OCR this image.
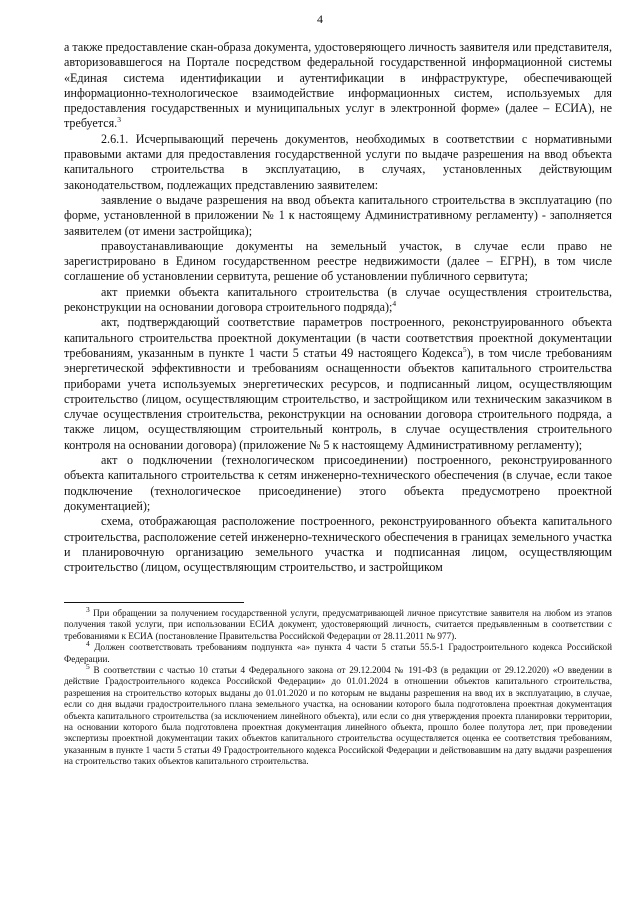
4

а также предоставление скан-образа документа, удостоверяющего личность заявителя или представителя, авторизовавшегося на Портале посредством федеральной государственной информационной системы «Единая система идентификации и аутентификации в инфраструктуре, обеспечивающей информационно-технологическое взаимодействие информационных систем, используемых для предоставления государственных и муниципальных услуг в электронной форме» (далее – ЕСИА), не требуется.$^3$

2.6.1. Исчерпывающий перечень документов, необходимых в соответствии с нормативными правовыми актами для предоставления государственной услуги по выдаче разрешения на ввод объекта капитального строительства в эксплуатацию, в случаях, установленных действующим законодательством, подлежащих представлению заявителем:

заявление о выдаче разрешения на ввод объекта капитального строительства в эксплуатацию (по форме, установленной в приложении № 1 к настоящему Административному регламенту) - заполняется заявителем (от имени застройщика);

правоустанавливающие документы на земельный участок, в случае если право не зарегистрировано в Едином государственном реестре недвижимости (далее – ЕГРН), в том числе соглашение об установлении сервитута, решение об установлении публичного сервитута;

акт приемки объекта капитального строительства (в случае осуществления строительства, реконструкции на основании договора строительного подряда);$^4$

акт, подтверждающий соответствие параметров построенного, реконструированного объекта капитального строительства проектной документации (в части соответствия проектной документации требованиям, указанным в пункте 1 части 5 статьи 49 настоящего Кодекса$^5$), в том числе требованиям энергетической эффективности и требованиям оснащенности объектов капитального строительства приборами учета используемых энергетических ресурсов, и подписанный лицом, осуществляющим строительство (лицом, осуществляющим строительство, и застройщиком или техническим заказчиком в случае осуществления строительства, реконструкции на основании договора строительного подряда, а также лицом, осуществляющим строительный контроль, в случае осуществления строительного контроля на основании договора) (приложение № 5 к настоящему Административному регламенту);

акт о подключении (технологическом присоединении) построенного, реконструированного объекта капитального строительства к сетям инженерно-технического обеспечения (в случае, если такое подключение (технологическое присоединение) этого объекта предусмотрено проектной документацией);

схема, отображающая расположение построенного, реконструированного объекта капитального строительства, расположение сетей инженерно-технического обеспечения в границах земельного участка и планировочную организацию земельного участка и подписанная лицом, осуществляющим строительство (лицом, осуществляющим строительство, и застройщиком

$^3$ При обращении за получением государственной услуги, предусматривающей личное присутствие заявителя на любом из этапов получения такой услуги, при использовании ЕСИА документ, удостоверяющий личность, считается предъявленным в соответствии с требованиями к ЕСИА (постановление Правительства Российской Федерации от 28.11.2011 № 977).

$^4$ Должен соответствовать требованиям подпункта «а» пункта 4 части 5 статьи 55.5-1 Градостроительного кодекса Российской Федерации.

$^5$ В соответствии с частью 10 статьи 4 Федерального закона от 29.12.2004 № 191-ФЗ (в редакции от 29.12.2020) «О введении в действие Градостроительного кодекса Российской Федерации» до 01.01.2024 в отношении объектов капитального строительства, разрешения на строительство которых выданы до 01.01.2020 и по которым не выданы разрешения на ввод их в эксплуатацию, в случае, если со дня выдачи градостроительного плана земельного участка, на основании которого была подготовлена проектная документация объекта капитального строительства (за исключением линейного объекта), или если со дня утверждения проекта планировки территории, на основании которого была подготовлена проектная документация линейного объекта, прошло более полутора лет, при проведении экспертизы проектной документации таких объектов капитального строительства осуществляется оценка ее соответствия требованиям, указанным в пункте 1 части 5 статьи 49 Градостроительного кодекса Российской Федерации и действовавшим на дату выдачи разрешения на строительство таких объектов капитального строительства.
